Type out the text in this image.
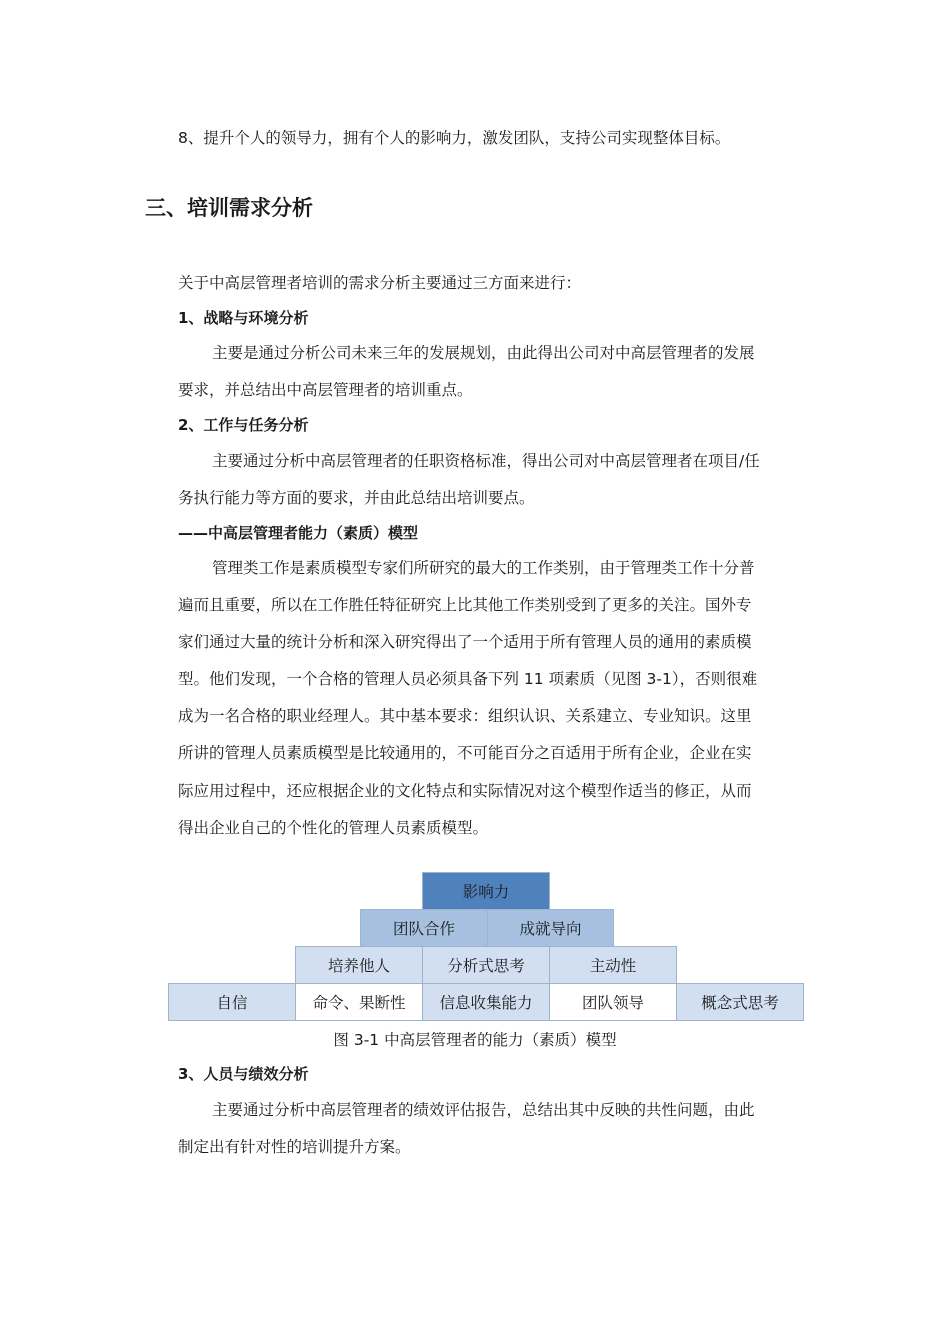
8、提升个人的领导力，拥有个人的影响力，激发团队，支持公司实现整体目标。
三、培训需求分析
关于中高层管理者培训的需求分析主要通过三方面来进行：
1、战略与环境分析
主要是通过分析公司未来三年的发展规划，由此得出公司对中高层管理者的发展
要求，并总结出中高层管理者的培训重点。
2、工作与任务分析
主要通过分析中高层管理者的任职资格标准，得出公司对中高层管理者在项目/任
务执行能力等方面的要求，并由此总结出培训要点。
——中高层管理者能力（素质）模型
管理类工作是素质模型专家们所研究的最大的工作类别，由于管理类工作十分普
遍而且重要，所以在工作胜任特征研究上比其他工作类别受到了更多的关注。国外专
家们通过大量的统计分析和深入研究得出了一个适用于所有管理人员的通用的素质模
型。他们发现，一个合格的管理人员必须具备下列 11 项素质（见图 3-1），否则很难
成为一名合格的职业经理人。其中基本要求：组织认识、关系建立、专业知识。这里
所讲的管理人员素质模型是比较通用的，不可能百分之百适用于所有企业，企业在实
际应用过程中，还应根据企业的文化特点和实际情况对这个模型作适当的修正，从而
得出企业自己的个性化的管理人员素质模型。
影响力
团队合作	成就导向
培养他人	分析式思考	主动性
自信	命令、果断性	信息收集能力	团队领导	概念式思考
图 3-1 中高层管理者的能力（素质）模型
3、人员与绩效分析
主要通过分析中高层管理者的绩效评估报告，总结出其中反映的共性问题，由此
制定出有针对性的培训提升方案。
